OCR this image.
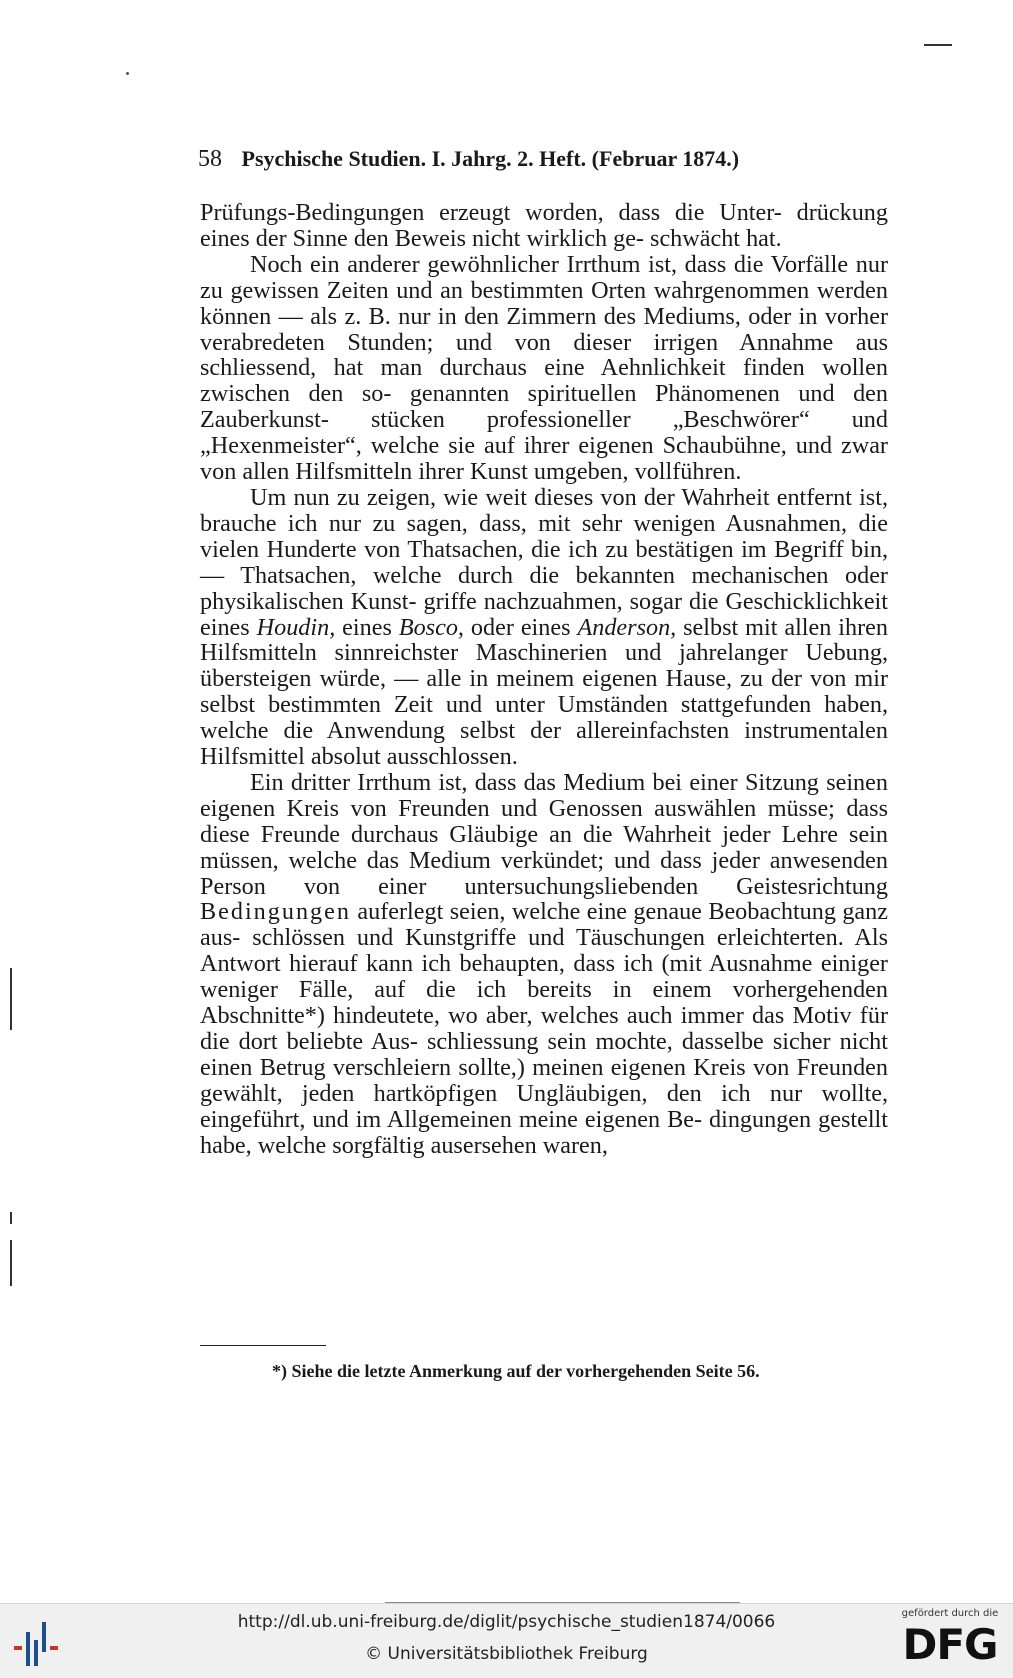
58 Psychische Studien. I. Jahrg. 2. Heft. (Februar 1874.)

Prüfungs-Bedingungen erzeugt worden, dass die Unter- drückung eines der Sinne den Beweis nicht wirklich ge- schwächt hat.

Noch ein anderer gewöhnlicher Irrthum ist, dass die Vorfälle nur zu gewissen Zeiten und an bestimmten Orten wahrgenommen werden können — als z. B. nur in den Zimmern des Mediums, oder in vorher verabredeten Stunden; und von dieser irrigen Annahme aus schliessend, hat man durchaus eine Aehnlichkeit finden wollen zwischen den so- genannten spirituellen Phänomenen und den Zauberkunst- stücken professioneller „Beschwörer“ und „Hexenmeister“, welche sie auf ihrer eigenen Schaubühne, und zwar von allen Hilfsmitteln ihrer Kunst umgeben, vollführen.

Um nun zu zeigen, wie weit dieses von der Wahrheit entfernt ist, brauche ich nur zu sagen, dass, mit sehr wenigen Ausnahmen, die vielen Hunderte von Thatsachen, die ich zu bestätigen im Begriff bin, — Thatsachen, welche durch die bekannten mechanischen oder physikalischen Kunst- griffe nachzuahmen, sogar die Geschicklichkeit eines Houdin, eines Bosco, oder eines Anderson, selbst mit allen ihren Hilfsmitteln sinnreichster Maschinerien und jahrelanger Uebung, übersteigen würde, — alle in meinem eigenen Hause, zu der von mir selbst bestimmten Zeit und unter Umständen stattgefunden haben, welche die Anwendung selbst der allereinfachsten instrumentalen Hilfsmittel absolut ausschlossen.

Ein dritter Irrthum ist, dass das Medium bei einer Sitzung seinen eigenen Kreis von Freunden und Genossen auswählen müsse; dass diese Freunde durchaus Gläubige an die Wahrheit jeder Lehre sein müssen, welche das Medium verkündet; und dass jeder anwesenden Person von einer untersuchungsliebenden Geistesrichtung Bedingungen auferlegt seien, welche eine genaue Beobachtung ganz aus- schlössen und Kunstgriffe und Täuschungen erleichterten. Als Antwort hierauf kann ich behaupten, dass ich (mit Ausnahme einiger weniger Fälle, auf die ich bereits in einem vorhergehenden Abschnitte*) hindeutete, wo aber, welches auch immer das Motiv für die dort beliebte Aus- schliessung sein mochte, dasselbe sicher nicht einen Betrug verschleiern sollte,) meinen eigenen Kreis von Freunden gewählt, jeden hartköpfigen Ungläubigen, den ich nur wollte, eingeführt, und im Allgemeinen meine eigenen Be- dingungen gestellt habe, welche sorgfältig ausersehen waren,

*) Siehe die letzte Anmerkung auf der vorhergehenden Seite 56.

http://dl.ub.uni-freiburg.de/diglit/psychische_studien1874/0066
© Universitätsbibliothek Freiburg
gefördert durch die
DFG
